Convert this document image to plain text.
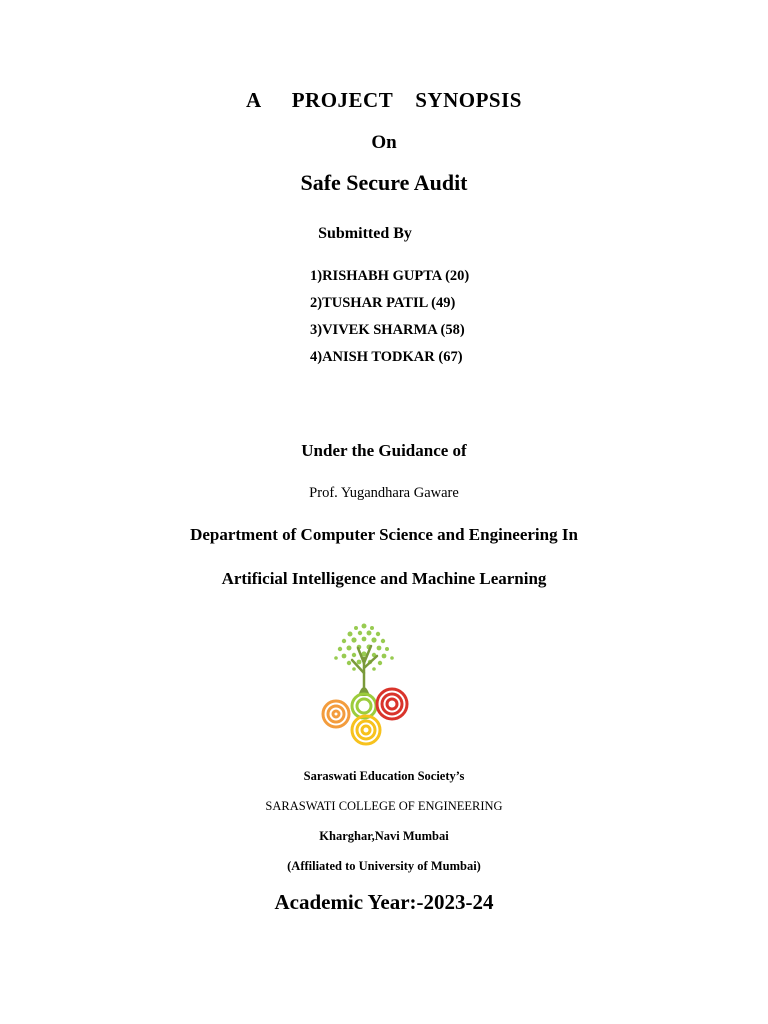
A PROJECT SYNOPSIS
On
Safe Secure Audit
Submitted By
1)RISHABH GUPTA (20)
2)TUSHAR PATIL (49)
3)VIVEK SHARMA (58)
4)ANISH TODKAR (67)
Under the Guidance of
Prof. Yugandhara Gaware
Department of Computer Science and Engineering In
Artificial Intelligence and Machine Learning
Saraswati Education Society’s
SARASWATI COLLEGE OF ENGINEERING
Kharghar,Navi Mumbai
(Affiliated to University of Mumbai)
Academic Year:-2023-24
